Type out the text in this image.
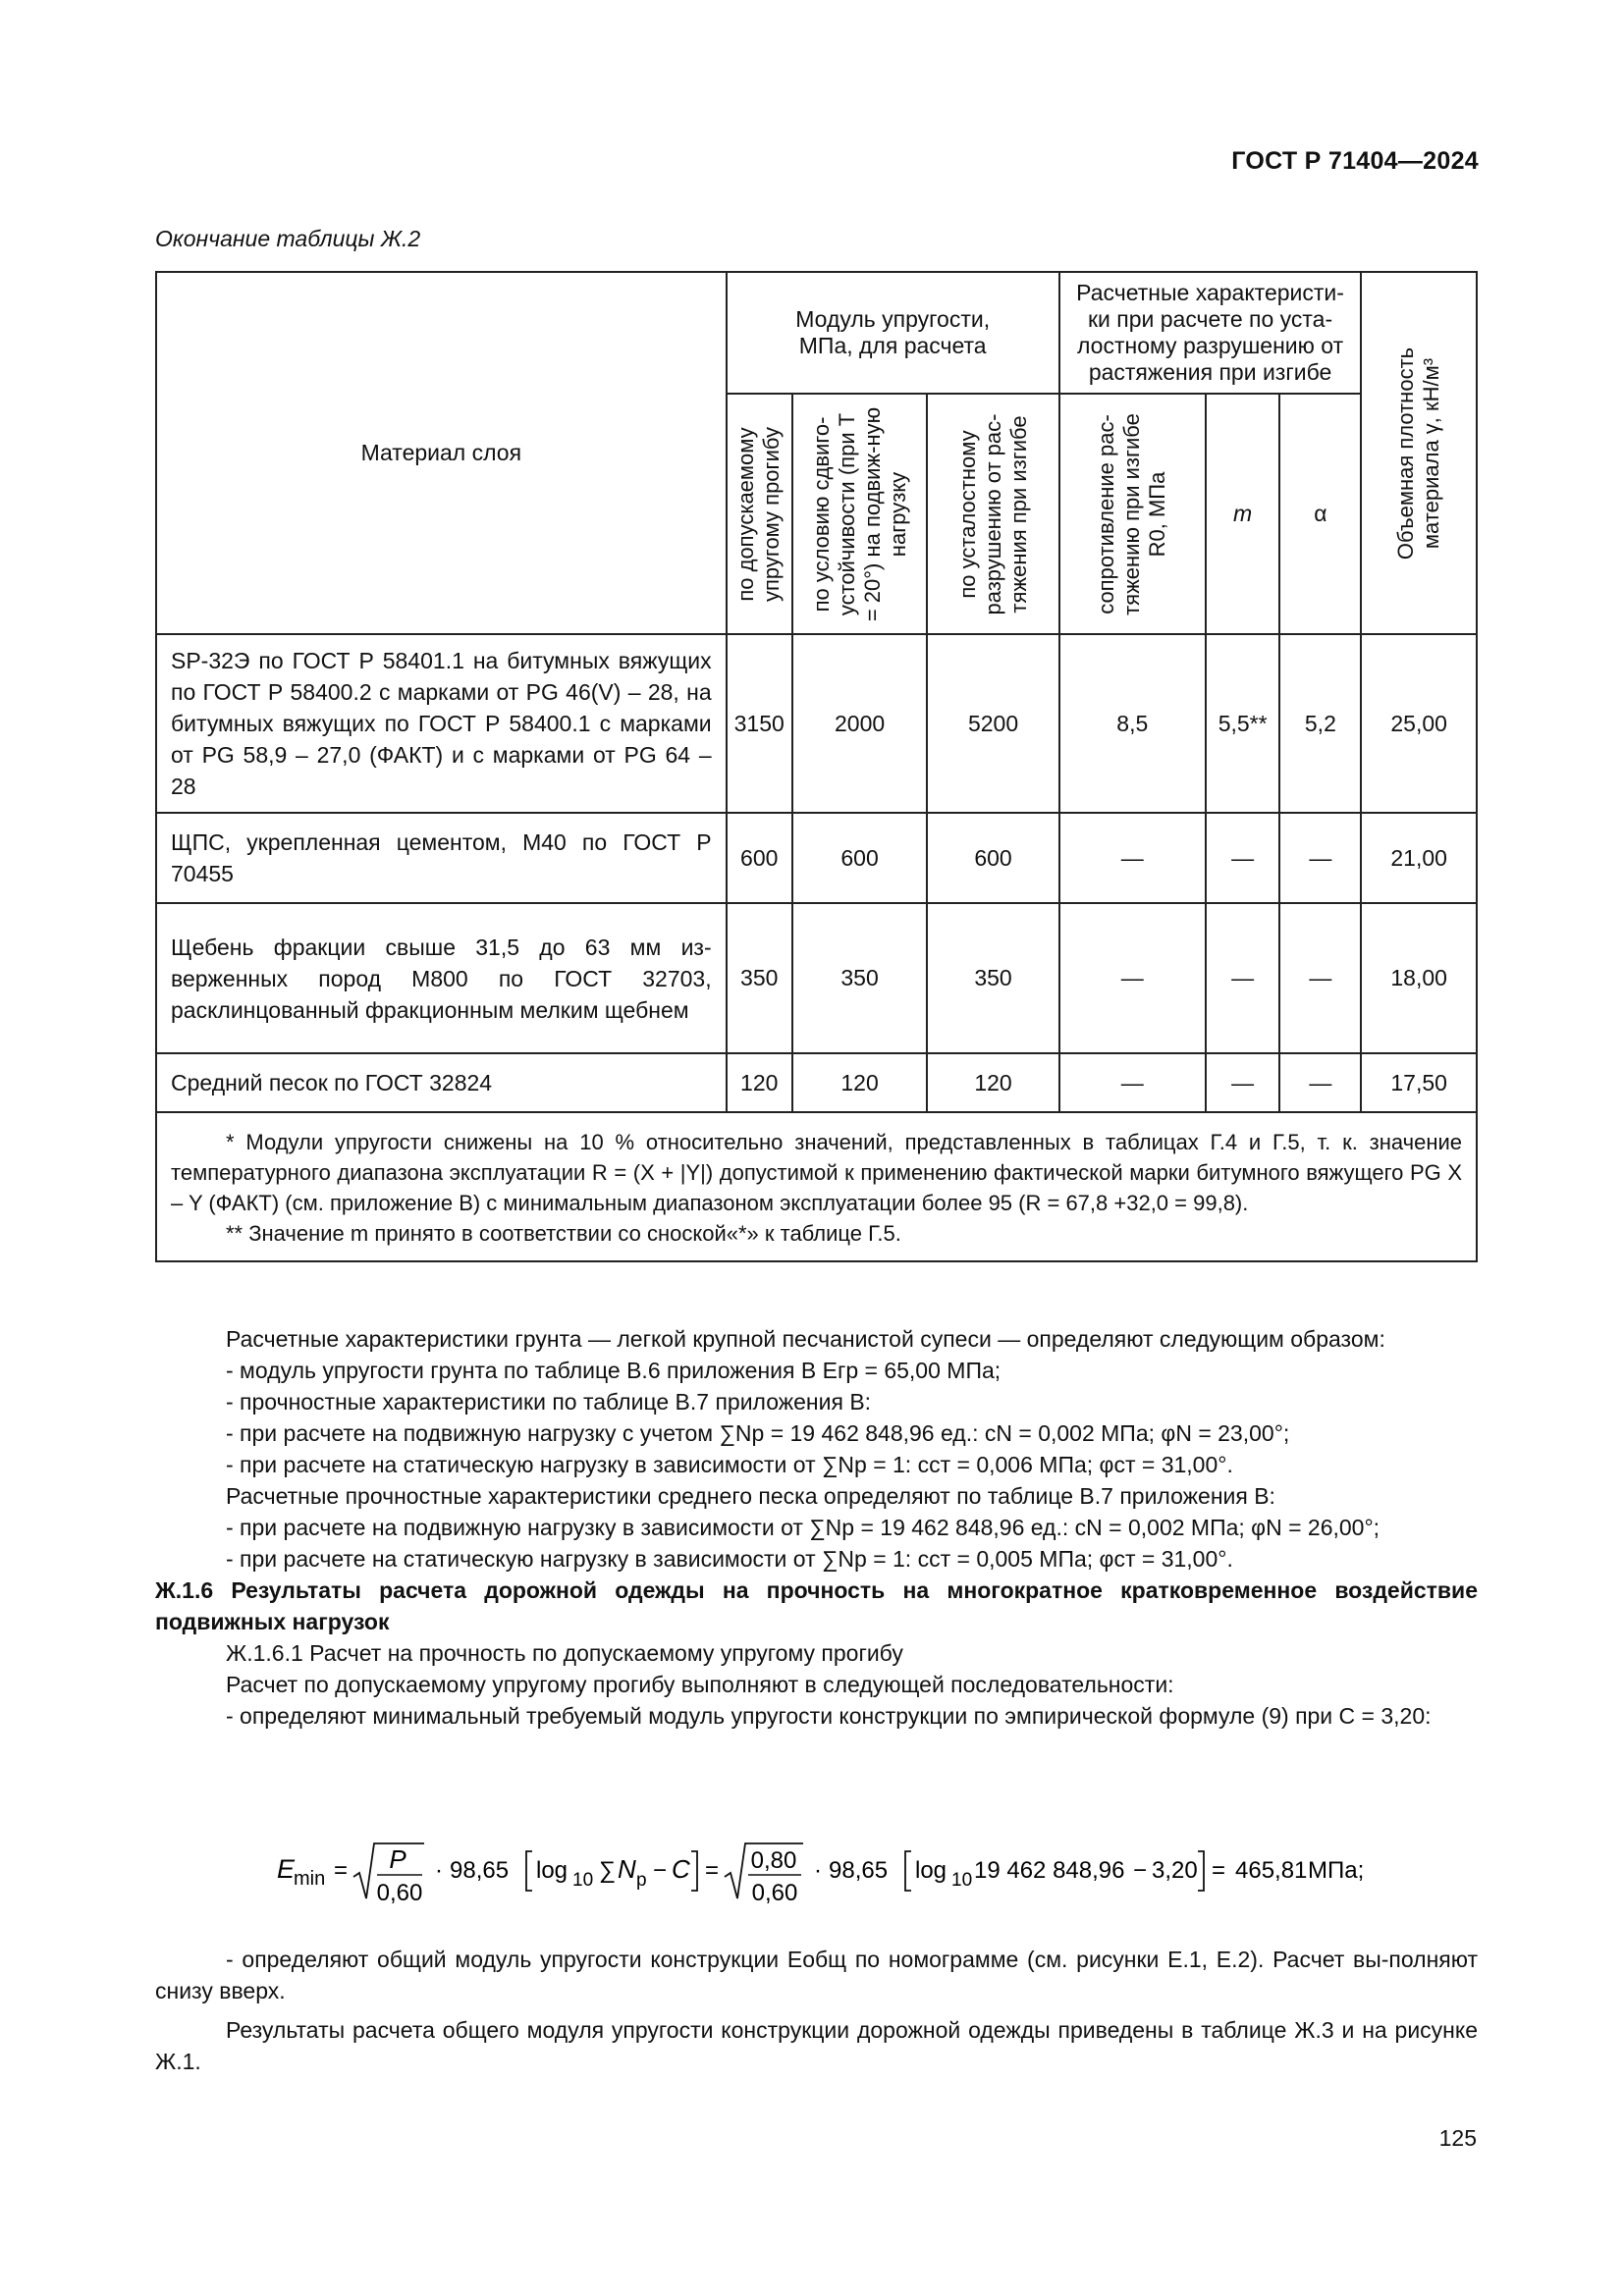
ГОСТ Р 71404—2024
Окончание таблицы Ж.2
Материал слоя	Модуль упругости, МПа, для расчета			Расчетные характеристи-ки при расчете по уста-лостному разрушению от растяжения при изгибе			Объемная плотность материала γ, кН/м³

	по допускаемому упругому прогибу	по условию сдвиго-устойчивости (при T = 20°) на подвиж-ную нагрузку	по усталостному разрушению от рас-тяжения при изгибе	сопротивление рас-тяжению при изгибе R0, МПа	m	α	
SP-32Э по ГОСТ Р 58401.1 на битумных вяжущих по ГОСТ Р 58400.2 с марками от PG 46(V) – 28, на битумных вяжущих по ГОСТ Р 58400.1 с марками от PG 58,9 – 27,0 (ФАКТ) и с марками от PG 64 – 28	3150	2000	5200	8,5	5,5**	5,2	25,00
ЩПС, укрепленная цементом, М40 по ГОСТ Р 70455	600	600	600	—	—	—	21,00
Щебень фракции свыше 31,5 до 63 мм из-верженных пород М800 по ГОСТ 32703, расклинцованный фракционным мелким щебнем	350	350	350	—	—	—	18,00
Средний песок по ГОСТ 32824	120	120	120	—	—	—	17,50

* Модули упругости снижены на 10 % относительно значений, представленных в таблицах Г.4 и Г.5, т. к. значение температурного диапазона эксплуатации R = (X + |Y|) допустимой к применению фактической марки битумного вяжущего PG X – Y (ФАКТ) (см. приложение В) с минимальным диапазоном эксплуатации более 95 (R = 67,8 +32,0 = 99,8).

** Значение m принято в соответствии со сноской«*» к таблице Г.5.							

Расчетные характеристики грунта — легкой крупной песчанистой супеси — определяют следующим образом:

- модуль упругости грунта по таблице В.6 приложения В Eгр = 65,00 МПа;

- прочностные характеристики по таблице В.7 приложения В:

- при расчете на подвижную нагрузку с учетом ∑Nр = 19 462 848,96 ед.: cN = 0,002 МПа; φN = 23,00°;

- при расчете на статическую нагрузку в зависимости от ∑Nр = 1: cст = 0,006 МПа; φст = 31,00°.

Расчетные прочностные характеристики среднего песка определяют по таблице В.7 приложения В:

- при расчете на подвижную нагрузку в зависимости от ∑Nр = 19 462 848,96 ед.: cN = 0,002 МПа; φN = 26,00°;

- при расчете на статическую нагрузку в зависимости от ∑Nр = 1: cст = 0,005 МПа; φст = 31,00°.

Ж.1.6 Результаты расчета дорожной одежды на прочность на многократное кратковременное воздействие подвижных нагрузок

Ж.1.6.1 Расчет на прочность по допускаемому упругому прогибу

Расчет по допускаемому упругому прогибу выполняют в следующей последовательности:

- определяют минимальный требуемый модуль упругости конструкции по эмпирической формуле (9) при C = 3,20:

E
min = P
0,60
· 98,65 log 10 ∑ N р − C = 0,80
0,60
· 98,65 log 10 19 462 848,96 − 3,20 = 465,81 МПа;

- определяют общий модуль упругости конструкции Eобщ по номограмме (см. рисунки Е.1, Е.2). Расчет вы-полняют снизу вверх.

Результаты расчета общего модуля упругости конструкции дорожной одежды приведены в таблице Ж.3 и на рисунке Ж.1.

125
